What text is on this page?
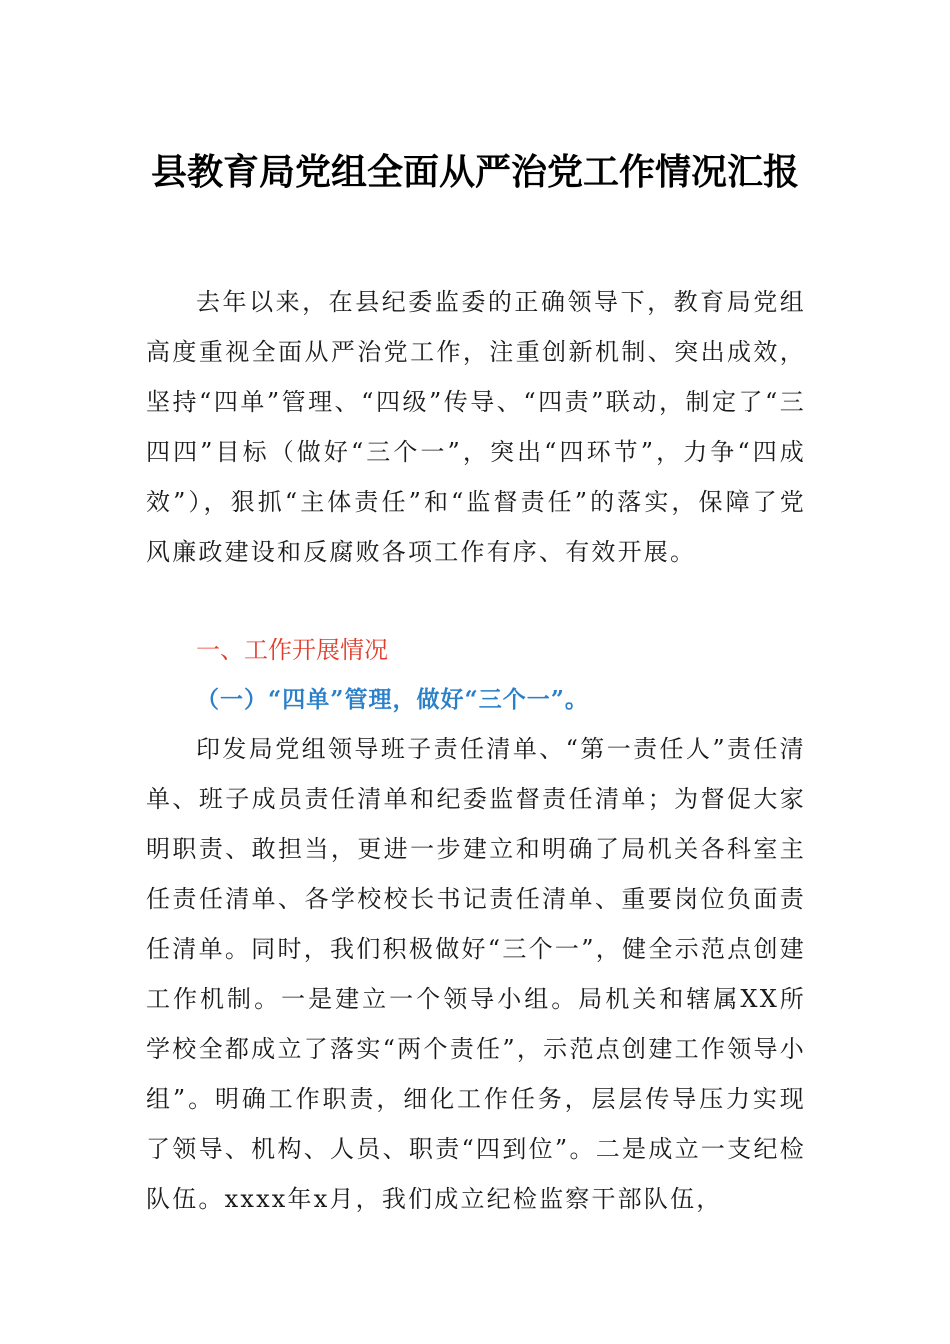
县教育局党组全面从严治党工作情况汇报

去年以来，在县纪委监委的正确领导下，教育局党组高度重视全面从严治党工作，注重创新机制、突出成效，坚持“四单”管理、“四级”传导、“四责”联动，制定了“三四四”目标（做好“三个一”，突出“四环节”，力争“四成效”），狠抓“主体责任”和“监督责任”的落实，保障了党风廉政建设和反腐败各项工作有序、有效开展。

一、工作开展情况
（一）“四单”管理，做好“三个一”。

印发局党组领导班子责任清单、“第一责任人”责任清单、班子成员责任清单和纪委监督责任清单；为督促大家明职责、敢担当，更进一步建立和明确了局机关各科室主任责任清单、各学校校长书记责任清单、重要岗位负面责任清单。同时，我们积极做好“三个一”，健全示范点创建工作机制。一是建立一个领导小组。局机关和辖属XX所学校全都成立了落实“两个责任”，示范点创建工作领导小组”。明确工作职责，细化工作任务，层层传导压力实现了领导、机构、人员、职责“四到位”。二是成立一支纪检队伍。xxxx年x月，我们成立纪检监察干部队伍，
